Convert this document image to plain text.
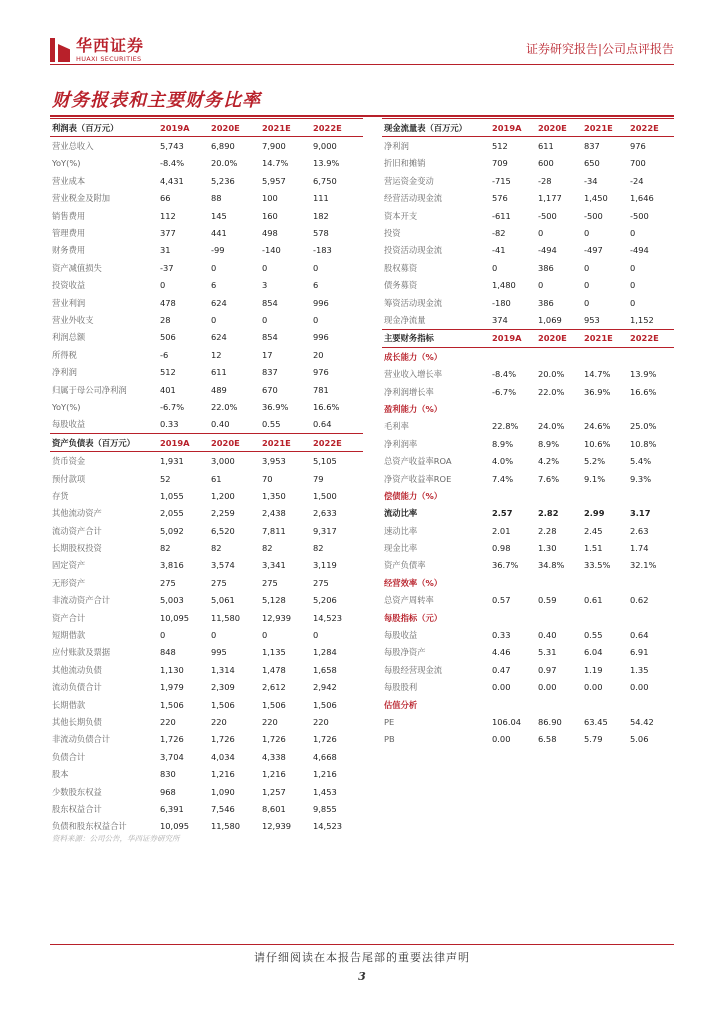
华西证券
HUAXI SECURITIES
证券研究报告|公司点评报告
财务报表和主要财务比率
利润表（百万元）	2019A	2020E	2021E	2022E
营业总收入	5,743	6,890	7,900	9,000
YoY(%)	-8.4%	20.0%	14.7%	13.9%
营业成本	4,431	5,236	5,957	6,750
营业税金及附加	66	88	100	111
销售费用	112	145	160	182
管理费用	377	441	498	578
财务费用	31	-99	-140	-183
资产减值损失	-37	0	0	0
投资收益	0	6	3	6
营业利润	478	624	854	996
营业外收支	28	0	0	0
利润总额	506	624	854	996
所得税	-6	12	17	20
净利润	512	611	837	976
归属于母公司净利润	401	489	670	781
YoY(%)	-6.7%	22.0%	36.9%	16.6%
每股收益	0.33	0.40	0.55	0.64
资产负债表（百万元）	2019A	2020E	2021E	2022E
货币资金	1,931	3,000	3,953	5,105
预付款项	52	61	70	79
存货	1,055	1,200	1,350	1,500
其他流动资产	2,055	2,259	2,438	2,633
流动资产合计	5,092	6,520	7,811	9,317
长期股权投资	82	82	82	82
固定资产	3,816	3,574	3,341	3,119
无形资产	275	275	275	275
非流动资产合计	5,003	5,061	5,128	5,206
资产合计	10,095	11,580	12,939	14,523
短期借款	0	0	0	0
应付账款及票据	848	995	1,135	1,284
其他流动负债	1,130	1,314	1,478	1,658
流动负债合计	1,979	2,309	2,612	2,942
长期借款	1,506	1,506	1,506	1,506
其他长期负债	220	220	220	220
非流动负债合计	1,726	1,726	1,726	1,726
负债合计	3,704	4,034	4,338	4,668
股本	830	1,216	1,216	1,216
少数股东权益	968	1,090	1,257	1,453
股东权益合计	6,391	7,546	8,601	9,855
负债和股东权益合计	10,095	11,580	12,939	14,523
现金流量表（百万元）	2019A	2020E	2021E	2022E
净利润	512	611	837	976
折旧和摊销	709	600	650	700
营运资金变动	-715	-28	-34	-24
经营活动现金流	576	1,177	1,450	1,646
资本开支	-611	-500	-500	-500
投资	-82	0	0	0
投资活动现金流	-41	-494	-497	-494
股权募资	0	386	0	0
债务募资	1,480	0	0	0
筹资活动现金流	-180	386	0	0
现金净流量	374	1,069	953	1,152
主要财务指标	2019A	2020E	2021E	2022E
成长能力（%）				
营业收入增长率	-8.4%	20.0%	14.7%	13.9%
净利润增长率	-6.7%	22.0%	36.9%	16.6%
盈利能力（%）				
毛利率	22.8%	24.0%	24.6%	25.0%
净利润率	8.9%	8.9%	10.6%	10.8%
总资产收益率ROA	4.0%	4.2%	5.2%	5.4%
净资产收益率ROE	7.4%	7.6%	9.1%	9.3%
偿债能力（%）				
流动比率	2.57	2.82	2.99	3.17
速动比率	2.01	2.28	2.45	2.63
现金比率	0.98	1.30	1.51	1.74
资产负债率	36.7%	34.8%	33.5%	32.1%
经营效率（%）				
总资产周转率	0.57	0.59	0.61	0.62
每股指标（元）				
每股收益	0.33	0.40	0.55	0.64
每股净资产	4.46	5.31	6.04	6.91
每股经营现金流	0.47	0.97	1.19	1.35
每股股利	0.00	0.00	0.00	0.00
估值分析				
PE	106.04	86.90	63.45	54.42
PB	0.00	6.58	5.79	5.06
资料来源：公司公告，华西证券研究所
请仔细阅读在本报告尾部的重要法律声明
3
